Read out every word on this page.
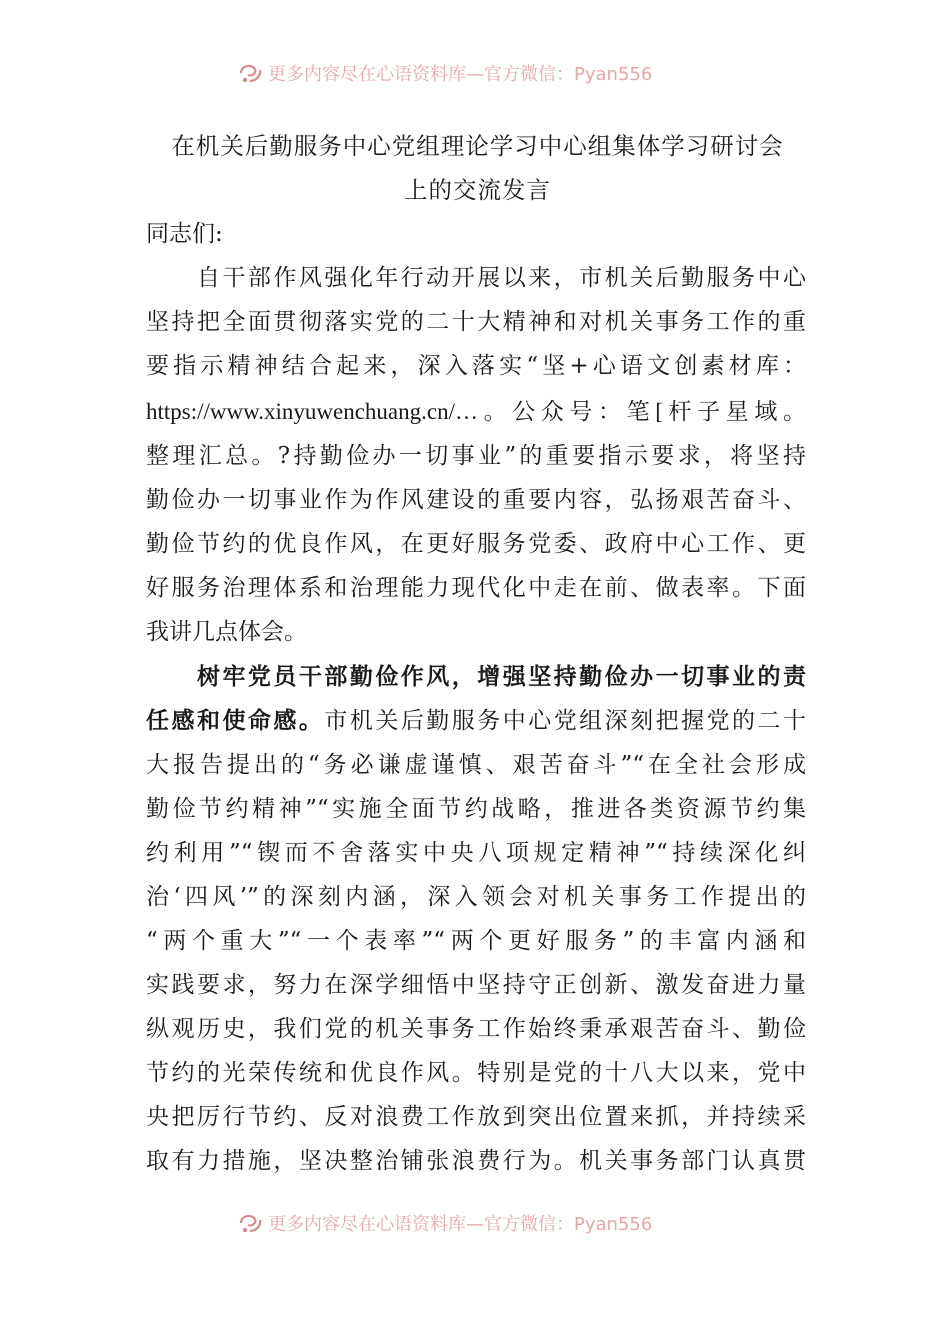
更多内容尽在心语资料库—官方微信：Pyan556
在机关后勤服务中心党组理论学习中心组集体学习研讨会
上的交流发言
同志们:
　　自干部作风强化年行动开展以来，市机关后勤服务中心
坚持把全面贯彻落实党的二十大精神和对机关事务工作的重
要指示精神结合起来，深入落实“坚+心语文创素材库：
https://www.xinyuwenchuang.cn/…。公众号：笔[杆子星域。
整理汇总。?持勤俭办一切事业”的重要指示要求，将坚持
勤俭办一切事业作为作风建设的重要内容，弘扬艰苦奋斗、
勤俭节约的优良作风，在更好服务党委、政府中心工作、更
好服务治理体系和治理能力现代化中走在前、做表率。下面
我讲几点体会。
　　树牢党员干部勤俭作风，增强坚持勤俭办一切事业的责
任感和使命感。市机关后勤服务中心党组深刻把握党的二十
大报告提出的“务必谦虚谨慎、艰苦奋斗”“在全社会形成
勤俭节约精神”“实施全面节约战略，推进各类资源节约集
约利用”“锲而不舍落实中央八项规定精神”“持续深化纠
治‘四风’”的深刻内涵，深入领会对机关事务工作提出的
“两个重大”“一个表率”“两个更好服务”的丰富内涵和
实践要求，努力在深学细悟中坚持守正创新、激发奋进力量
纵观历史，我们党的机关事务工作始终秉承艰苦奋斗、勤俭
节约的光荣传统和优良作风。特别是党的十八大以来，党中
央把厉行节约、反对浪费工作放到突出位置来抓，并持续采
取有力措施，坚决整治铺张浪费行为。机关事务部门认真贯
更多内容尽在心语资料库—官方微信：Pyan556
